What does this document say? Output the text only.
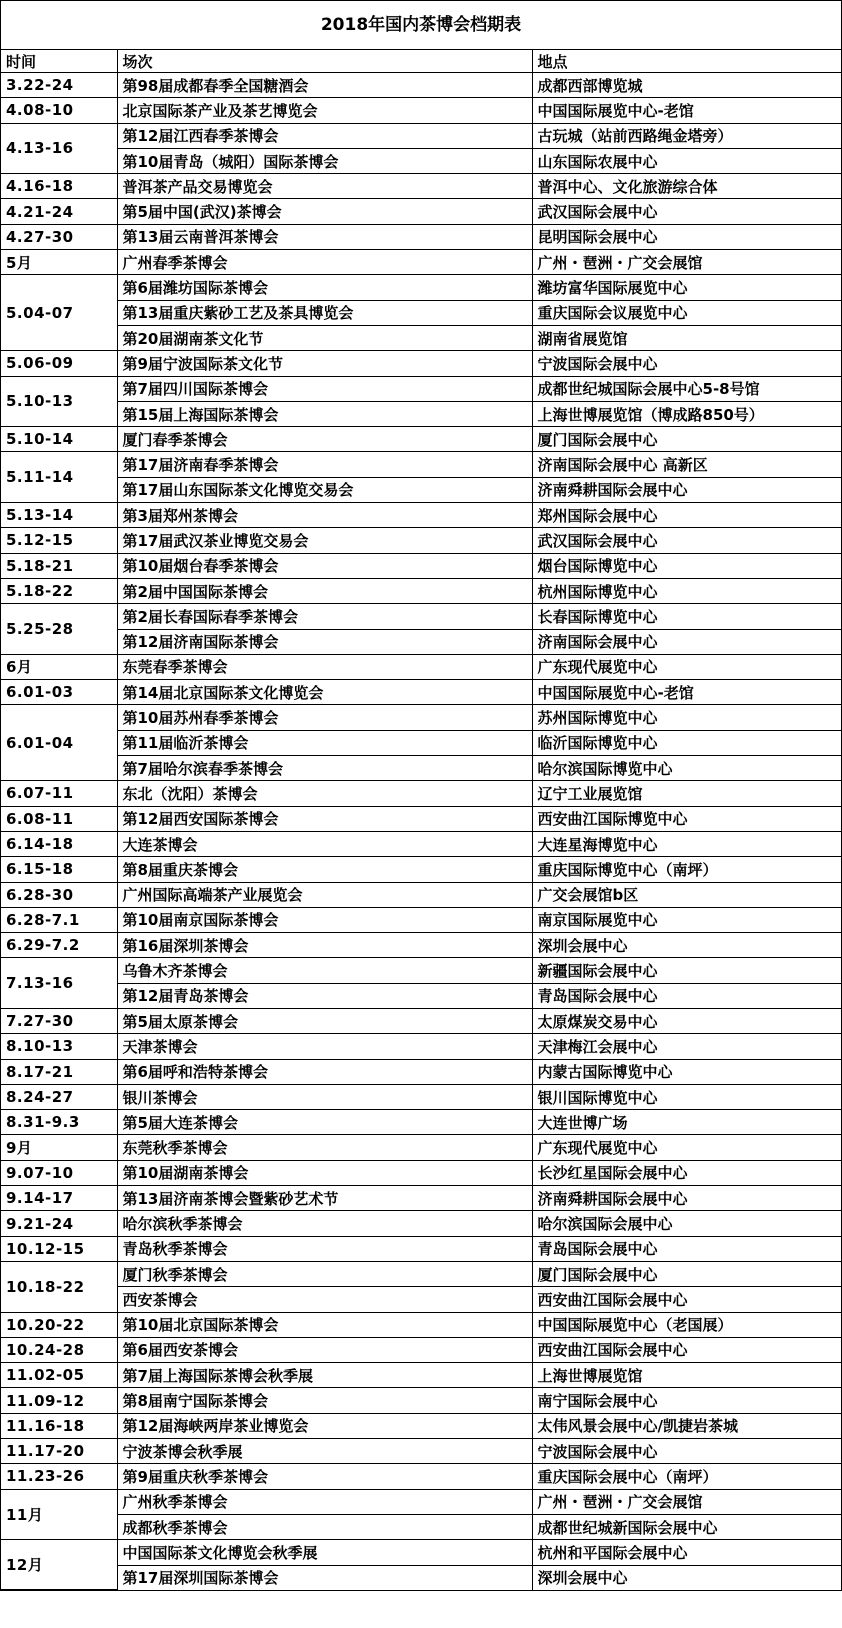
2018年国内茶博会档期表
时间	场次	地点
3.22-24	第98届成都春季全国糖酒会	成都西部博览城
4.08-10	北京国际茶产业及茶艺博览会	中国国际展览中心-老馆
4.13-16	第12届江西春季茶博会	古玩城（站前西路绳金塔旁）
	第10届青岛（城阳）国际茶博会	山东国际农展中心
4.16-18	普洱茶产品交易博览会	普洱中心、文化旅游综合体
4.21-24	第5届中国(武汉)茶博会	武汉国际会展中心
4.27-30	第13届云南普洱茶博会	昆明国际会展中心
5月	广州春季茶博会	广州・琶洲・广交会展馆
5.04-07	第6届潍坊国际茶博会	潍坊富华国际展览中心
	第13届重庆紫砂工艺及茶具博览会	重庆国际会议展览中心
	第20届湖南茶文化节	湖南省展览馆
5.06-09	第9届宁波国际茶文化节	宁波国际会展中心
5.10-13	第7届四川国际茶博会	成都世纪城国际会展中心5-8号馆
	第15届上海国际茶博会	上海世博展览馆（博成路850号）
5.10-14	厦门春季茶博会	厦门国际会展中心
5.11-14	第17届济南春季茶博会	济南国际会展中心 高新区
	第17届山东国际茶文化博览交易会	济南舜耕国际会展中心
5.13-14	第3届郑州茶博会	郑州国际会展中心
5.12-15	第17届武汉茶业博览交易会	武汉国际会展中心
5.18-21	第10届烟台春季茶博会	烟台国际博览中心
5.18-22	第2届中国国际茶博会	杭州国际博览中心
5.25-28	第2届长春国际春季茶博会	长春国际博览中心
	第12届济南国际茶博会	济南国际会展中心
6月	东莞春季茶博会	广东现代展览中心
6.01-03	第14届北京国际茶文化博览会	中国国际展览中心-老馆
6.01-04	第10届苏州春季茶博会	苏州国际博览中心
	第11届临沂茶博会	临沂国际博览中心
	第7届哈尔滨春季茶博会	哈尔滨国际博览中心
6.07-11	东北（沈阳）茶博会	辽宁工业展览馆
6.08-11	第12届西安国际茶博会	西安曲江国际博览中心
6.14-18	大连茶博会	大连星海博览中心
6.15-18	第8届重庆茶博会	重庆国际博览中心（南坪）
6.28-30	广州国际高端茶产业展览会	广交会展馆b区
6.28-7.1	第10届南京国际茶博会	南京国际展览中心
6.29-7.2	第16届深圳茶博会	深圳会展中心
7.13-16	乌鲁木齐茶博会	新疆国际会展中心
	第12届青岛茶博会	青岛国际会展中心
7.27-30	第5届太原茶博会	太原煤炭交易中心
8.10-13	天津茶博会	天津梅江会展中心
8.17-21	第6届呼和浩特茶博会	内蒙古国际博览中心
8.24-27	银川茶博会	银川国际博览中心
8.31-9.3	第5届大连茶博会	大连世博广场
9月	东莞秋季茶博会	广东现代展览中心
9.07-10	第10届湖南茶博会	长沙红星国际会展中心
9.14-17	第13届济南茶博会暨紫砂艺术节	济南舜耕国际会展中心
9.21-24	哈尔滨秋季茶博会	哈尔滨国际会展中心
10.12-15	青岛秋季茶博会	青岛国际会展中心
10.18-22	厦门秋季茶博会	厦门国际会展中心
	西安茶博会	西安曲江国际会展中心
10.20-22	第10届北京国际茶博会	中国国际展览中心（老国展）
10.24-28	第6届西安茶博会	西安曲江国际会展中心
11.02-05	第7届上海国际茶博会秋季展	上海世博展览馆
11.09-12	第8届南宁国际茶博会	南宁国际会展中心
11.16-18	第12届海峡两岸茶业博览会	太伟风景会展中心/凯捷岩茶城
11.17-20	宁波茶博会秋季展	宁波国际会展中心
11.23-26	第9届重庆秋季茶博会	重庆国际会展中心（南坪）
11月	广州秋季茶博会	广州・琶洲・广交会展馆
	成都秋季茶博会	成都世纪城新国际会展中心
12月	中国国际茶文化博览会秋季展	杭州和平国际会展中心
	第17届深圳国际茶博会	深圳会展中心
